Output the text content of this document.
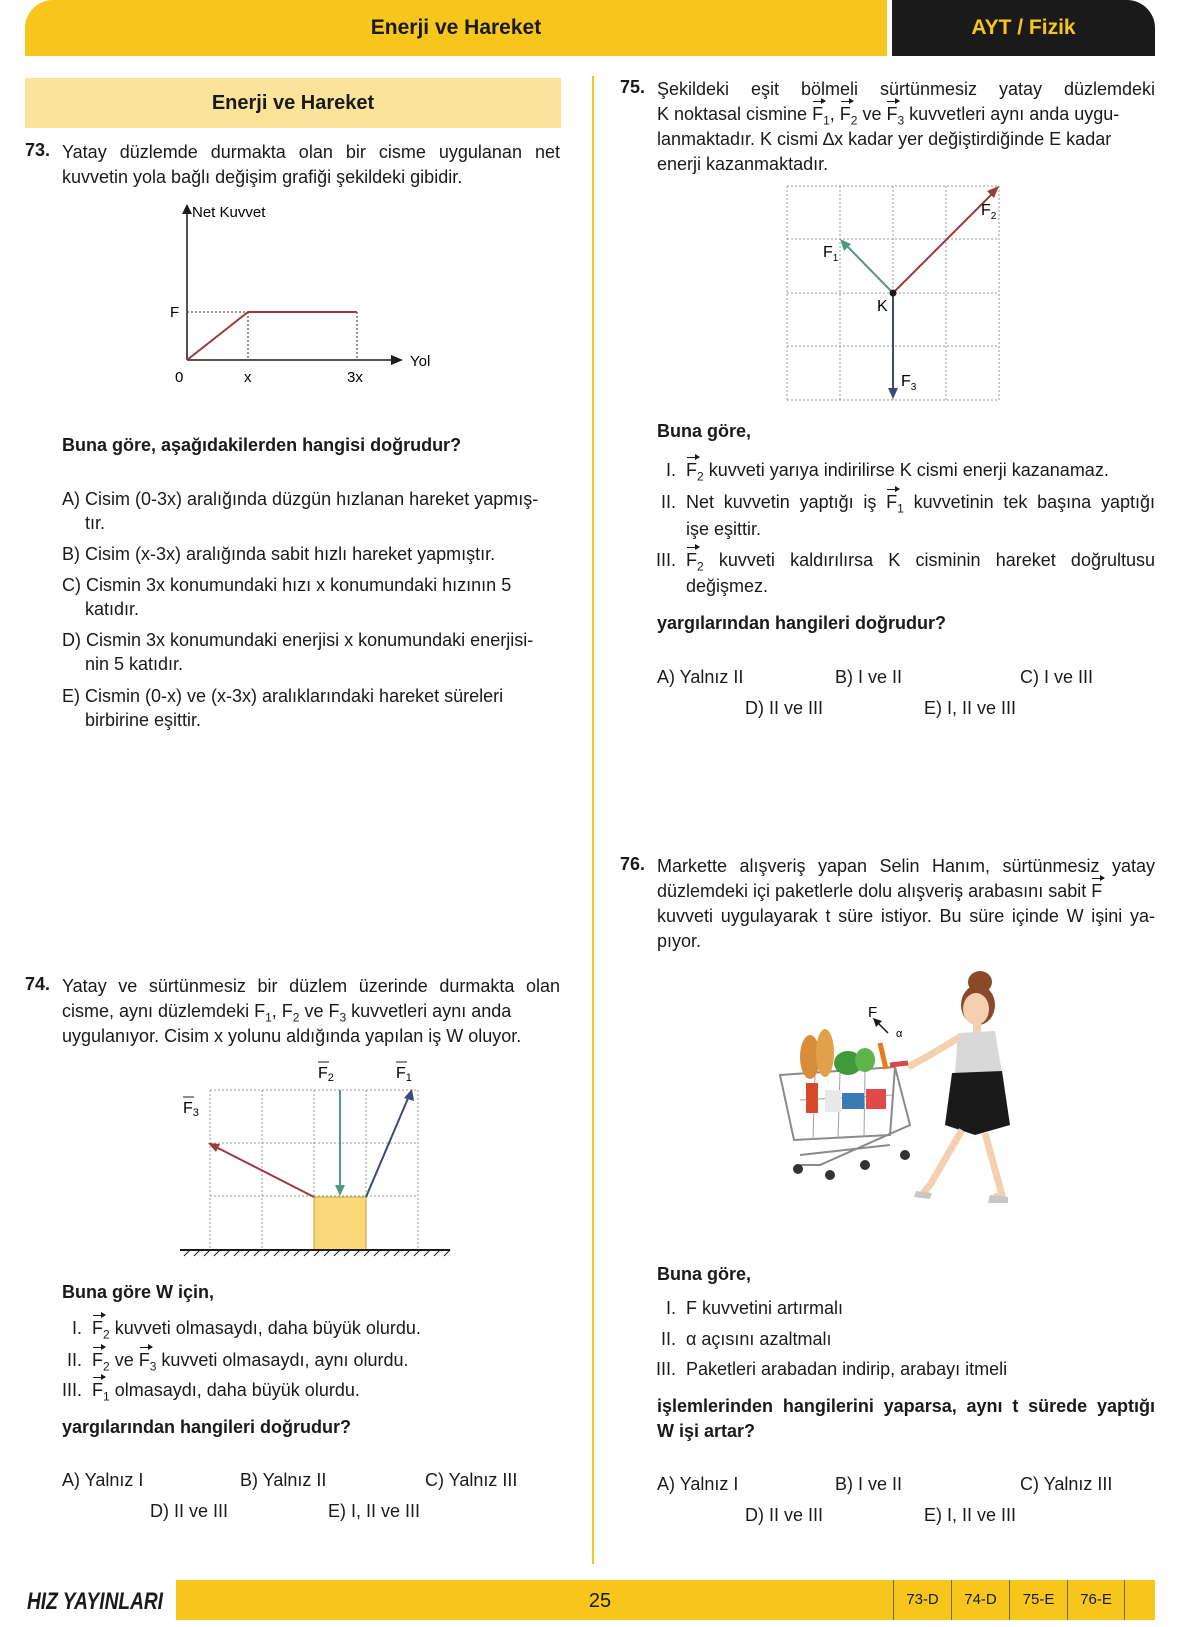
Enerji ve Hareket	AYT / Fizik
Enerji ve Hareket
73. Yatay düzlemde durmakta olan bir cisme uygulanan net kuvvetin yola bağlı değişim grafiği şekildeki gibidir.
Net Kuvvet
Yol
F
0	x	3x
Buna göre, aşağıdakilerden hangisi doğrudur?
A) Cisim (0-3x) aralığında düzgün hızlanan hareket yapmış-
tır.
B) Cisim (x-3x) aralığında sabit hızlı hareket yapmıştır.
C) Cismin 3x konumundaki hızı x konumundaki hızının 5
katıdır.
D) Cismin 3x konumundaki enerjisi x konumundaki enerjisi-
nin 5 katıdır.
E) Cismin (0-x) ve (x-3x) aralıklarındaki hareket süreleri
birbirine eşittir.
74. Yatay ve sürtünmesiz bir düzlem üzerinde durmakta olan
cisme, aynı düzlemdeki $F_1$, $F_2$ ve $F_3$ kuvvetleri aynı anda
uygulanıyor. Cisim x yolunu aldığında yapılan iş W oluyor.
F3
F2	F1
Buna göre W için,
I. $F_2$ kuvveti olmasaydı, daha büyük olurdu.
II. $F_2$ ve $F_3$ kuvveti olmasaydı, aynı olurdu.
III. $F_1$ olmasaydı, daha büyük olurdu.
yargılarından hangileri doğrudur?
A) Yalnız I	B) Yalnız II	C) Yalnız III
D) II ve III	E) I, II ve III
75. Şekildeki eşit bölmeli sürtünmesiz yatay düzlemdeki
K noktasal cismine $F_1$, $F_2$ ve $F_3$ kuvvetleri aynı anda uygu-
lanmaktadır. K cismi ∆x kadar yer değiştirdiğinde E kadar
enerji kazanmaktadır.
K
$F_1$
$F_2$
$F_3$
Buna göre,
I. $F_2$ kuvveti yarıya indirilirse K cismi enerji kazanamaz.
II. Net kuvvetin yaptığı iş $F_1$ kuvvetinin tek başına yaptığı
işe eşittir.
III. $F_2$ kuvveti kaldırılırsa K cisminin hareket doğrultusu
değişmez.
yargılarından hangileri doğrudur?
A) Yalnız II	B) I ve II	C) I ve III
D) II ve III	E) I, II ve III
76. Markette alışveriş yapan Selin Hanım, sürtünmesiz yatay
düzlemdeki içi paketlerle dolu alışveriş arabasını sabit F
kuvveti uygulayarak t süre istiyor. Bu süre içinde W işini ya-
pıyor.
F
α
Buna göre,
I. F kuvvetini artırmalı
II. α açısını azaltmalı
III. Paketleri arabadan indirip, arabayı itmeli
işlemlerinden hangilerini yaparsa, aynı t sürede yaptığı
W işi artar?
A) Yalnız I	B) I ve II	C) Yalnız III
D) II ve III	E) I, II ve III
HIZ YAYINLARI	25	73-D	74-D	75-E	76-E
